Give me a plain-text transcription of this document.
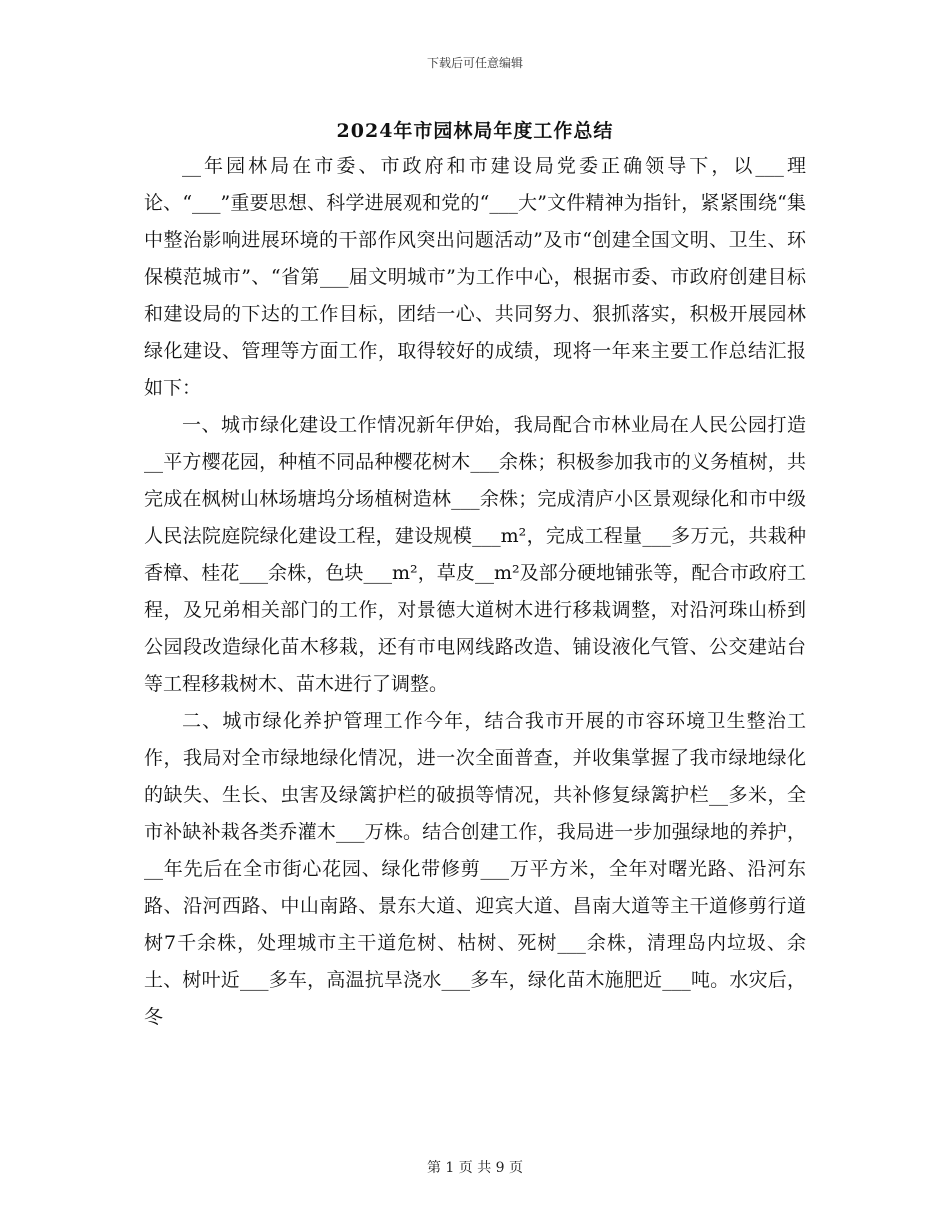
下载后可任意编辑
2024年市园林局年度工作总结

__年园林局在市委、市政府和市建设局党委正确领导下，以___理论、“___”重要思想、科学进展观和党的“___大”文件精神为指针，紧紧围绕“集中整治影响进展环境的干部作风突出问题活动”及市“创建全国文明、卫生、环保模范城市”、“省第___届文明城市”为工作中心，根据市委、市政府创建目标和建设局的下达的工作目标，团结一心、共同努力、狠抓落实，积极开展园林绿化建设、管理等方面工作，取得较好的成绩，现将一年来主要工作总结汇报如下：

一、城市绿化建设工作情况新年伊始，我局配合市林业局在人民公园打造__平方樱花园，种植不同品种樱花树木___余株；积极参加我市的义务植树，共完成在枫树山林场塘坞分场植树造林___余株；完成清庐小区景观绿化和市中级人民法院庭院绿化建设工程，建设规模___m²，完成工程量___多万元，共栽种香樟、桂花___余株，色块___m²，草皮__m²及部分硬地铺张等，配合市政府工程，及兄弟相关部门的工作，对景德大道树木进行移栽调整，对沿河珠山桥到公园段改造绿化苗木移栽，还有市电网线路改造、铺设液化气管、公交建站台等工程移栽树木、苗木进行了调整。

二、城市绿化养护管理工作今年，结合我市开展的市容环境卫生整治工作，我局对全市绿地绿化情况，进一次全面普查，并收集掌握了我市绿地绿化的缺失、生长、虫害及绿篱护栏的破损等情况，共补修复绿篱护栏__多米，全市补缺补栽各类乔灌木___万株。结合创建工作，我局进一步加强绿地的养护，__年先后在全市街心花园、绿化带修剪___万平方米，全年对曙光路、沿河东路、沿河西路、中山南路、景东大道、迎宾大道、昌南大道等主干道修剪行道树7千余株，处理城市主干道危树、枯树、死树___余株，清理岛内垃圾、余土、树叶近___多车，高温抗旱浇水___多车，绿化苗木施肥近___吨。水灾后，冬

第 1 页 共 9 页
